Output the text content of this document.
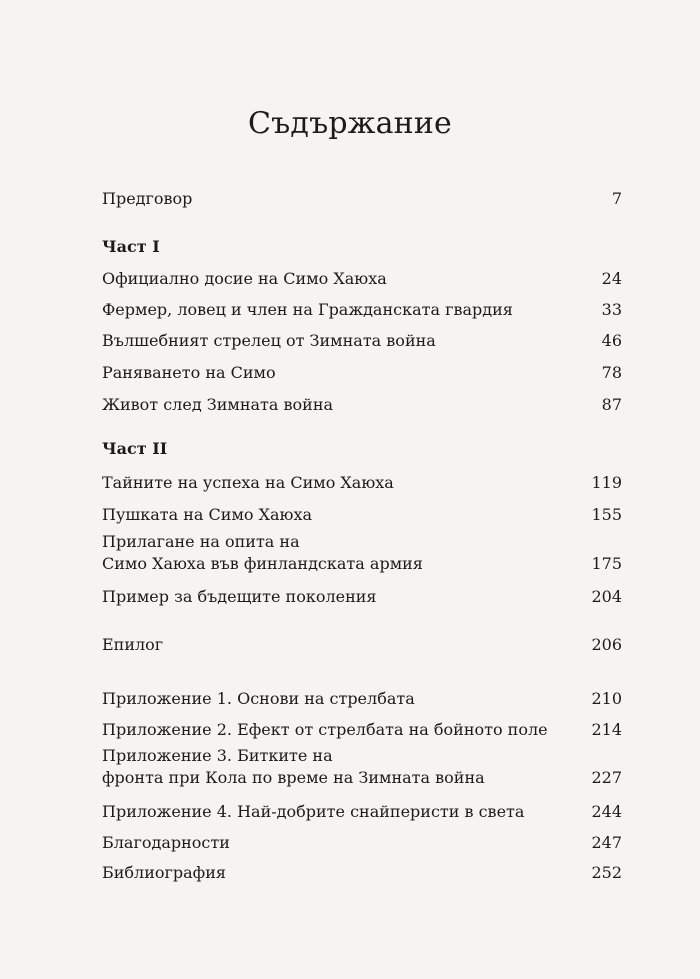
Съдържание
Предговор	7
Част I
Официално досие на Симо Хаюха	24
Фермер, ловец и член на Гражданската гвардия	33
Вълшебният стрелец от Зимната война	46
Раняването на Симо	78
Живот след Зимната война	87
Част II
Тайните на успеха на Симо Хаюха	119
Пушката на Симо Хаюха	155
Прилагане на опита на
Симо Хаюха във финландската армия	175
Пример за бъдещите поколения	204
Епилог	206
Приложение 1. Основи на стрелбата	210
Приложение 2. Ефект от стрелбата на бойното поле	214
Приложение 3. Битките на
фронта при Кола по време на Зимната война	227
Приложение 4. Най-добрите снайперисти в света	244
Благодарности	247
Библиография	252
